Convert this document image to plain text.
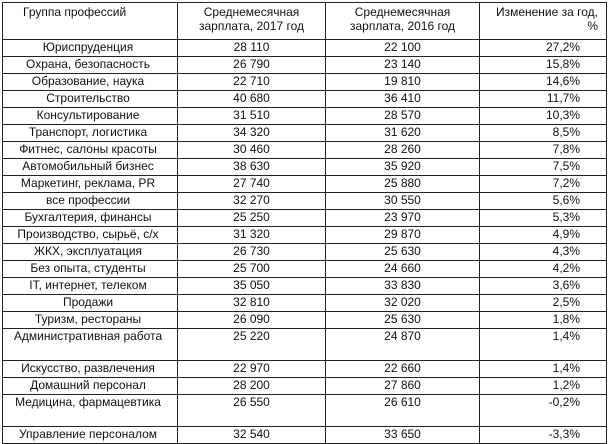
Группа профессий	Среднемесячная зарплата, 2017 год	Среднемесячная зарплата, 2016 год	Изменение за год, %
Юриспруденция	28 110	22 100	27,2%
Охрана, безопасность	26 790	23 140	15,8%
Образование, наука	22 710	19 810	14,6%
Строительство	40 680	36 410	11,7%
Консультирование	31 510	28 570	10,3%
Транспорт, логистика	34 320	31 620	8,5%
Фитнес, салоны красоты	30 460	28 260	7,8%
Автомобильный бизнес	38 630	35 920	7,5%
Маркетинг, реклама, PR	27 740	25 880	7,2%
все профессии	32 270	30 550	5,6%
Бухгалтерия, финансы	25 250	23 970	5,3%
Производство, сырьё, с/х	31 320	29 870	4,9%
ЖКХ, эксплуатация	26 730	25 630	4,3%
Без опыта, студенты	25 700	24 660	4,2%
IT, интернет, телеком	35 050	33 830	3,6%
Продажи	32 810	32 020	2,5%
Туризм, рестораны	26 090	25 630	1,8%
Административная работа	25 220	24 870	1,4%
Искусство, развлечения	22 970	22 660	1,4%
Домашний персонал	28 200	27 860	1,2%
Медицина, фармацевтика	26 550	26 610	-0,2%
Управление персоналом	32 540	33 650	-3,3%
